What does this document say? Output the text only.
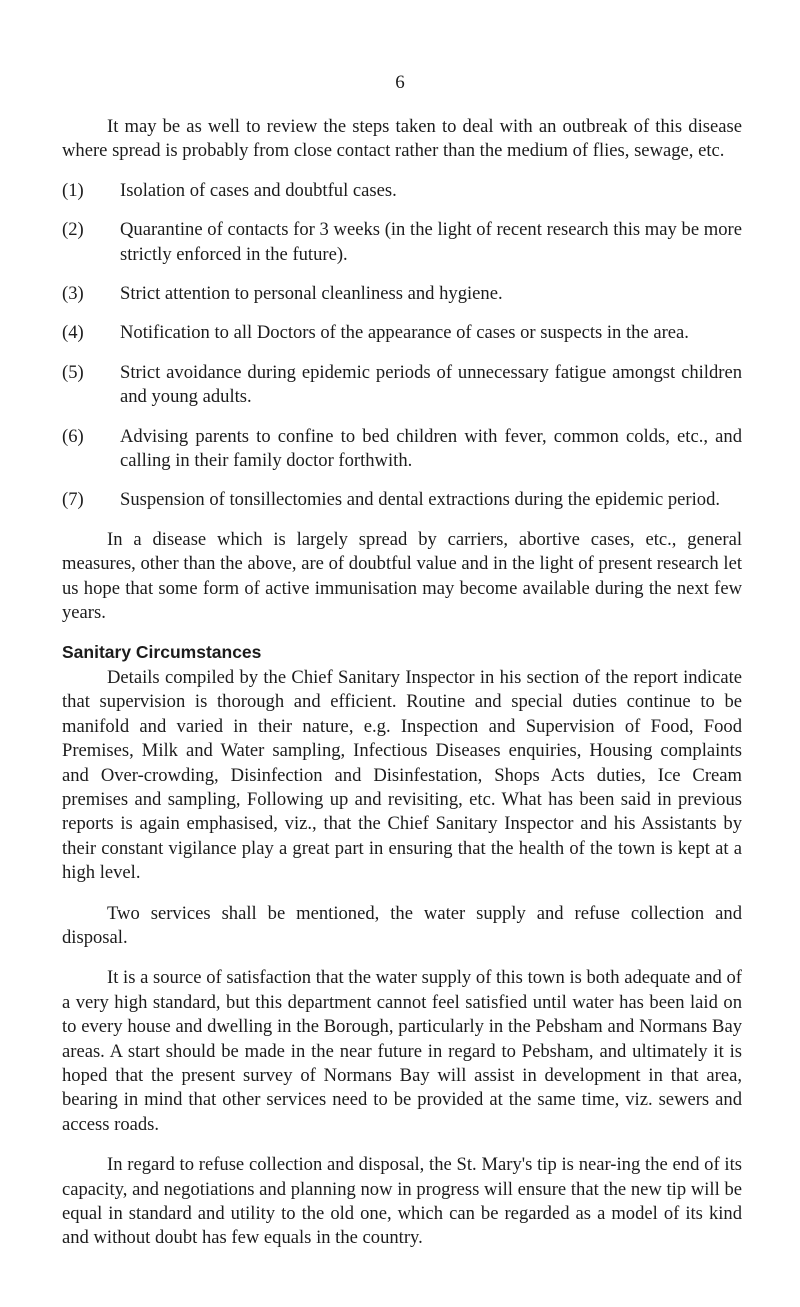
6

It may be as well to review the steps taken to deal with an outbreak of this disease where spread is probably from close contact rather than the medium of flies, sewage, etc.

(1) Isolation of cases and doubtful cases.
(2) Quarantine of contacts for 3 weeks (in the light of recent research this may be more strictly enforced in the future).
(3) Strict attention to personal cleanliness and hygiene.
(4) Notification to all Doctors of the appearance of cases or suspects in the area.
(5) Strict avoidance during epidemic periods of unnecessary fatigue amongst children and young adults.
(6) Advising parents to confine to bed children with fever, common colds, etc., and calling in their family doctor forthwith.
(7) Suspension of tonsillectomies and dental extractions during the epidemic period.

In a disease which is largely spread by carriers, abortive cases, etc., general measures, other than the above, are of doubtful value and in the light of present research let us hope that some form of active immunisation may become available during the next few years.

Sanitary Circumstances

Details compiled by the Chief Sanitary Inspector in his section of the report indicate that supervision is thorough and efficient. Routine and special duties continue to be manifold and varied in their nature, e.g. Inspection and Supervision of Food, Food Premises, Milk and Water sampling, Infectious Diseases enquiries, Housing complaints and Over-crowding, Disinfection and Disinfestation, Shops Acts duties, Ice Cream premises and sampling, Following up and revisiting, etc. What has been said in previous reports is again emphasised, viz., that the Chief Sanitary Inspector and his Assistants by their constant vigilance play a great part in ensuring that the health of the town is kept at a high level.

Two services shall be mentioned, the water supply and refuse collection and disposal.

It is a source of satisfaction that the water supply of this town is both adequate and of a very high standard, but this department cannot feel satisfied until water has been laid on to every house and dwelling in the Borough, particularly in the Pebsham and Normans Bay areas. A start should be made in the near future in regard to Pebsham, and ultimately it is hoped that the present survey of Normans Bay will assist in development in that area, bearing in mind that other services need to be provided at the same time, viz. sewers and access roads.

In regard to refuse collection and disposal, the St. Mary's tip is near-ing the end of its capacity, and negotiations and planning now in progress will ensure that the new tip will be equal in standard and utility to the old one, which can be regarded as a model of its kind and without doubt has few equals in the country.
